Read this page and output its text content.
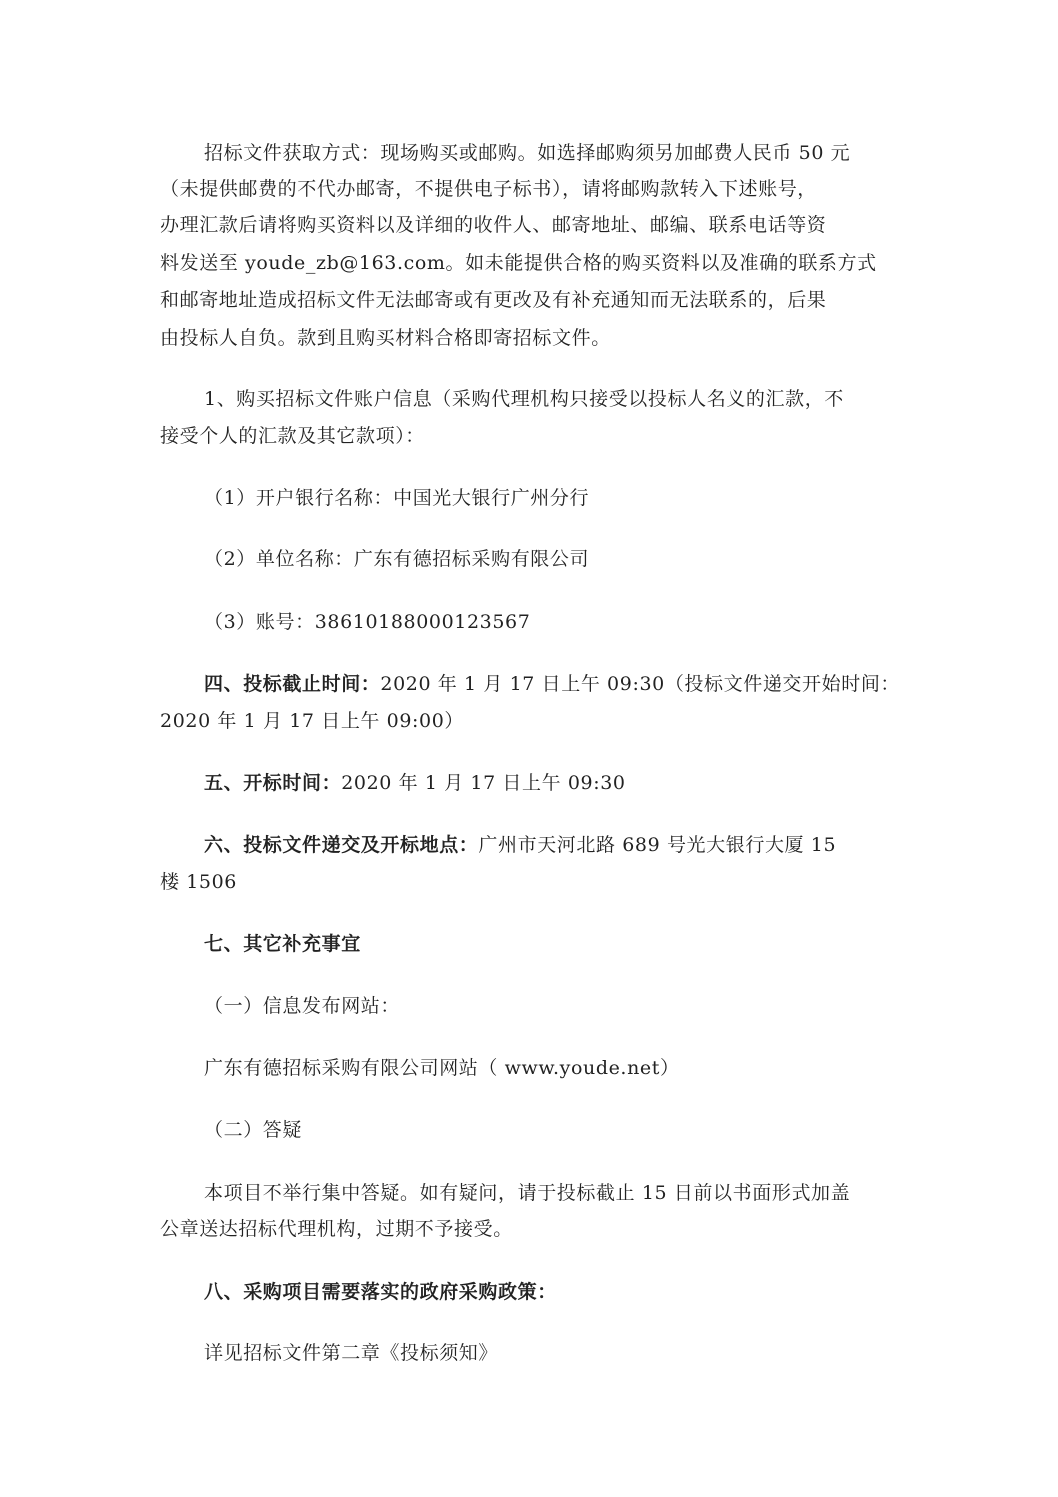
招标文件获取方式：现场购买或邮购。如选择邮购须另加邮费人民币 50 元
（未提供邮费的不代办邮寄，不提供电子标书），请将邮购款转入下述账号，
办理汇款后请将购买资料以及详细的收件人、邮寄地址、邮编、联系电话等资
料发送至 youde_zb@163.com。如未能提供合格的购买资料以及准确的联系方式
和邮寄地址造成招标文件无法邮寄或有更改及有补充通知而无法联系的，后果
由投标人自负。款到且购买材料合格即寄招标文件。
1、购买招标文件账户信息（采购代理机构只接受以投标人名义的汇款，不
接受个人的汇款及其它款项）：
（1）开户银行名称：中国光大银行广州分行
（2）单位名称：广东有德招标采购有限公司
（3）账号：38610188000123567
四、投标截止时间：2020 年 1 月 17 日上午 09:30（投标文件递交开始时间：
2020 年 1 月 17 日上午 09:00）
五、开标时间：2020 年 1 月 17 日上午 09:30
六、投标文件递交及开标地点：广州市天河北路 689 号光大银行大厦 15
楼 1506
七、其它补充事宜
（一）信息发布网站：
广东有德招标采购有限公司网站（ www.youde.net）
（二）答疑
本项目不举行集中答疑。如有疑问，请于投标截止 15 日前以书面形式加盖
公章送达招标代理机构，过期不予接受。
八、采购项目需要落实的政府采购政策：
详见招标文件第二章《投标须知》
